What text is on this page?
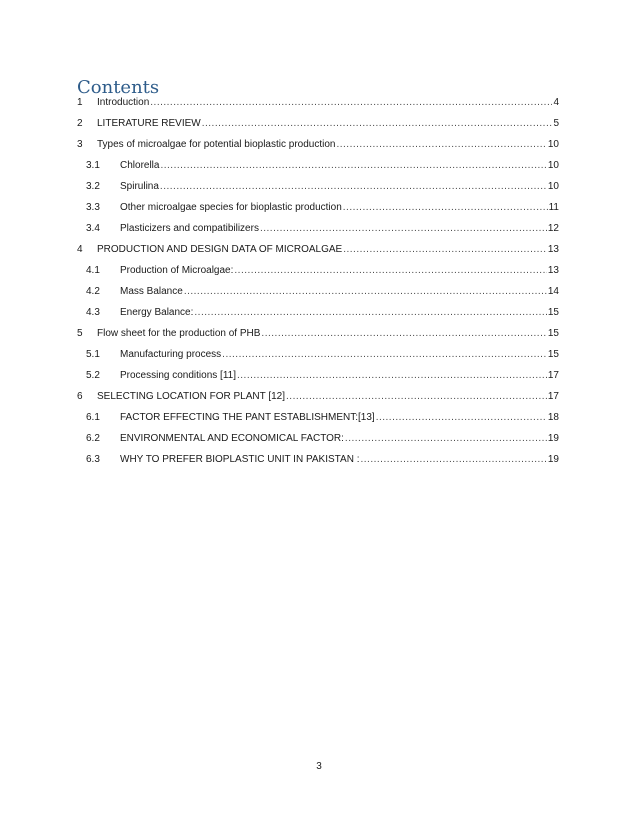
Contents
1	Introduction .....	4
2	LITERATURE REVIEW .....	5
3	Types of microalgae for potential bioplastic production .....	10
3.1	Chlorella .....	10
3.2	Spirulina .....	10
3.3	Other microalgae species for bioplastic production .....	11
3.4	Plasticizers and compatibilizers .....	12
4	PRODUCTION AND DESIGN DATA OF MICROALGAE .....	13
4.1	Production of Microalgae: .....	13
4.2	Mass Balance .....	14
4.3	Energy Balance: .....	15
5	Flow sheet for the production of PHB .....	15
5.1	Manufacturing process .....	15
5.2	Processing conditions [11] .....	17
6	SELECTING LOCATION FOR PLANT [12] .....	17
6.1	FACTOR EFFECTING THE PANT ESTABLISHMENT:[13] .....	18
6.2	ENVIRONMENTAL AND ECONOMICAL FACTOR: .....	19
6.3	WHY TO PREFER BIOPLASTIC UNIT IN PAKISTAN : .....	19
3
